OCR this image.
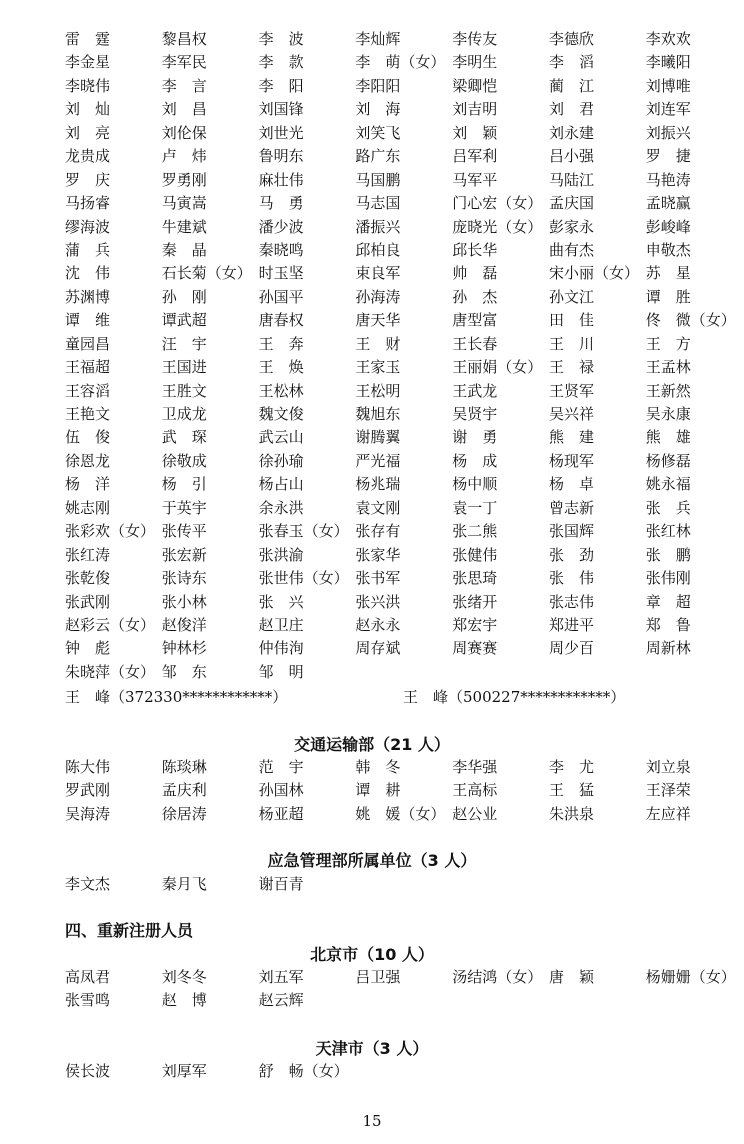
雷　霆	黎昌权	李　波	李灿辉	李传友	李德欣	李欢欢
李金星	李军民	李　款	李　萌（女） 李明生	李　滔	李曦阳
李晓伟	李　言	李　阳	李阳阳	梁卿恺	蔺　江	刘博唯
刘　灿	刘　昌	刘国锋	刘　海	刘吉明	刘　君	刘连军
刘　亮	刘伦保	刘世光	刘笑飞	刘　颖	刘永建	刘振兴
龙贵成	卢　炜	鲁明东	路广东	吕军利	吕小强	罗　捷
罗　庆	罗勇刚	麻壮伟	马国鹏	马军平	马陆江	马艳涛
马扬睿	马寅嵩	马　勇	马志国	门心宏（女） 孟庆国	孟晓赢
缪海波	牛建斌	潘少波	潘振兴	庞晓光（女） 彭家永	彭峻峰
蒲　兵	秦　晶	秦晓鸣	邱柏良	邱长华	曲有杰	申敬杰
沈　伟	石长菊（女） 时玉坚	束良军	帅　磊	宋小丽（女） 苏　星
苏渊博	孙　刚	孙国平	孙海涛	孙　杰	孙文江	谭　胜
谭　维	谭武超	唐春权	唐天华	唐型富	田　佳	佟　微（女）
童园昌	汪　宇	王　奔	王　财	王长春	王　川	王　方
王福超	王国进	王　焕	王家玉	王丽娟（女） 王　禄	王孟林
王容滔	王胜文	王松林	王松明	王武龙	王贤军	王新然
王艳文	卫成龙	魏文俊	魏旭东	吴贤宇	吴兴祥	吴永康
伍　俊	武　琛	武云山	谢腾翼	谢　勇	熊　建	熊　雄
徐恩龙	徐敬成	徐孙瑜	严光福	杨　成	杨现军	杨修磊
杨　洋	杨　引	杨占山	杨兆瑞	杨中顺	杨　卓	姚永福
姚志刚	于英宇	余永洪	袁文刚	袁一丁	曾志新	张　兵
张彩欢（女） 张传平	张春玉（女） 张存有	张二熊	张国辉	张红林
张红涛	张宏新	张洪渝	张家华	张健伟	张　劲	张　鹏
张乾俊	张诗东	张世伟（女） 张书军	张思琦	张　伟	张伟刚
张武刚	张小林	张　兴	张兴洪	张绪开	张志伟	章　超
赵彩云（女） 赵俊洋	赵卫庄	赵永永	郑宏宇	郑进平	郑　鲁
钟　彪	钟林杉	仲伟洵	周存斌	周赛赛	周少百	周新林
朱晓萍（女） 邹　东	邹　明
王　峰（372330************）	王　峰（500227************）
交通运输部（21 人）
陈大伟	陈琰琳	范　宇	韩　冬	李华强	李　尤	刘立泉
罗武刚	孟庆利	孙国林	谭　耕	王高标	王　猛	王泽荣
吴海涛	徐居涛	杨亚超	姚　媛（女） 赵公业	朱洪泉	左应祥
应急管理部所属单位（3 人）
李文杰	秦月飞	谢百青
四、重新注册人员
北京市（10 人）
高凤君	刘冬冬	刘五军	吕卫强	汤结鸿（女） 唐　颖	杨姗姗（女）
张雪鸣	赵　博	赵云辉
天津市（3 人）
侯长波	刘厚军	舒　畅（女）
15
